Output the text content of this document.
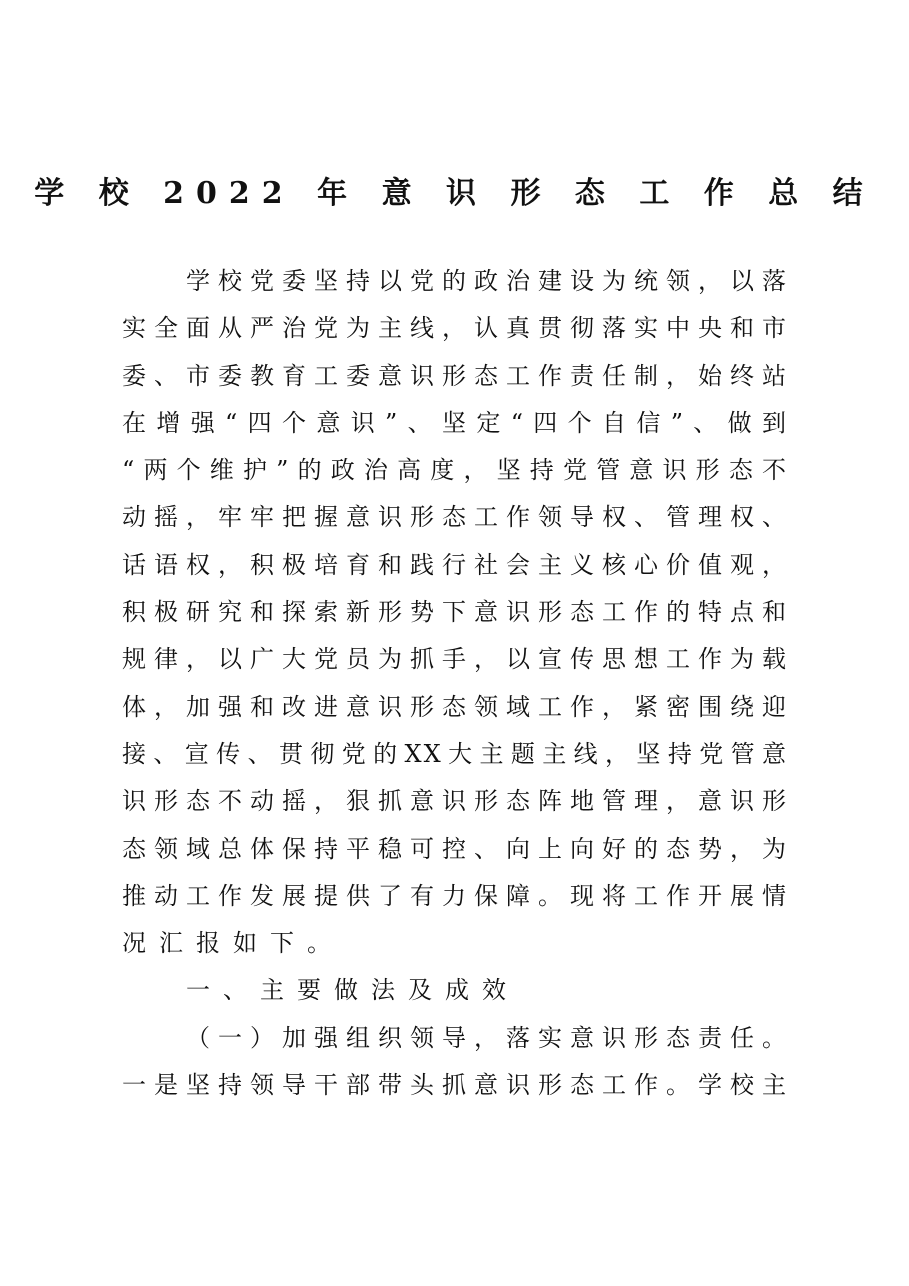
学 校 2022 年 意 识 形 态 工 作 总 结
学校党委坚持以党的政治建设为统领，以落
实全面从严治党为主线，认真贯彻落实中央和市
委、市委教育工委意识形态工作责任制，始终站
在增强“四个意识”、坚定“四个自信”、做到
“两个维护”的政治高度，坚持党管意识形态不
动摇，牢牢把握意识形态工作领导权、管理权、
话语权，积极培育和践行社会主义核心价值观，
积极研究和探索新形势下意识形态工作的特点和
规律，以广大党员为抓手，以宣传思想工作为载
体，加强和改进意识形态领域工作，紧密围绕迎
接、宣传、贯彻党的XX大主题主线，坚持党管意
识形态不动摇，狠抓意识形态阵地管理，意识形
态领域总体保持平稳可控、向上向好的态势，为
推动工作发展提供了有力保障。现将工作开展情
况汇报如下。
一、主要做法及成效
（一）加强组织领导，落实意识形态责任。
一是坚持领导干部带头抓意识形态工作。学校主
